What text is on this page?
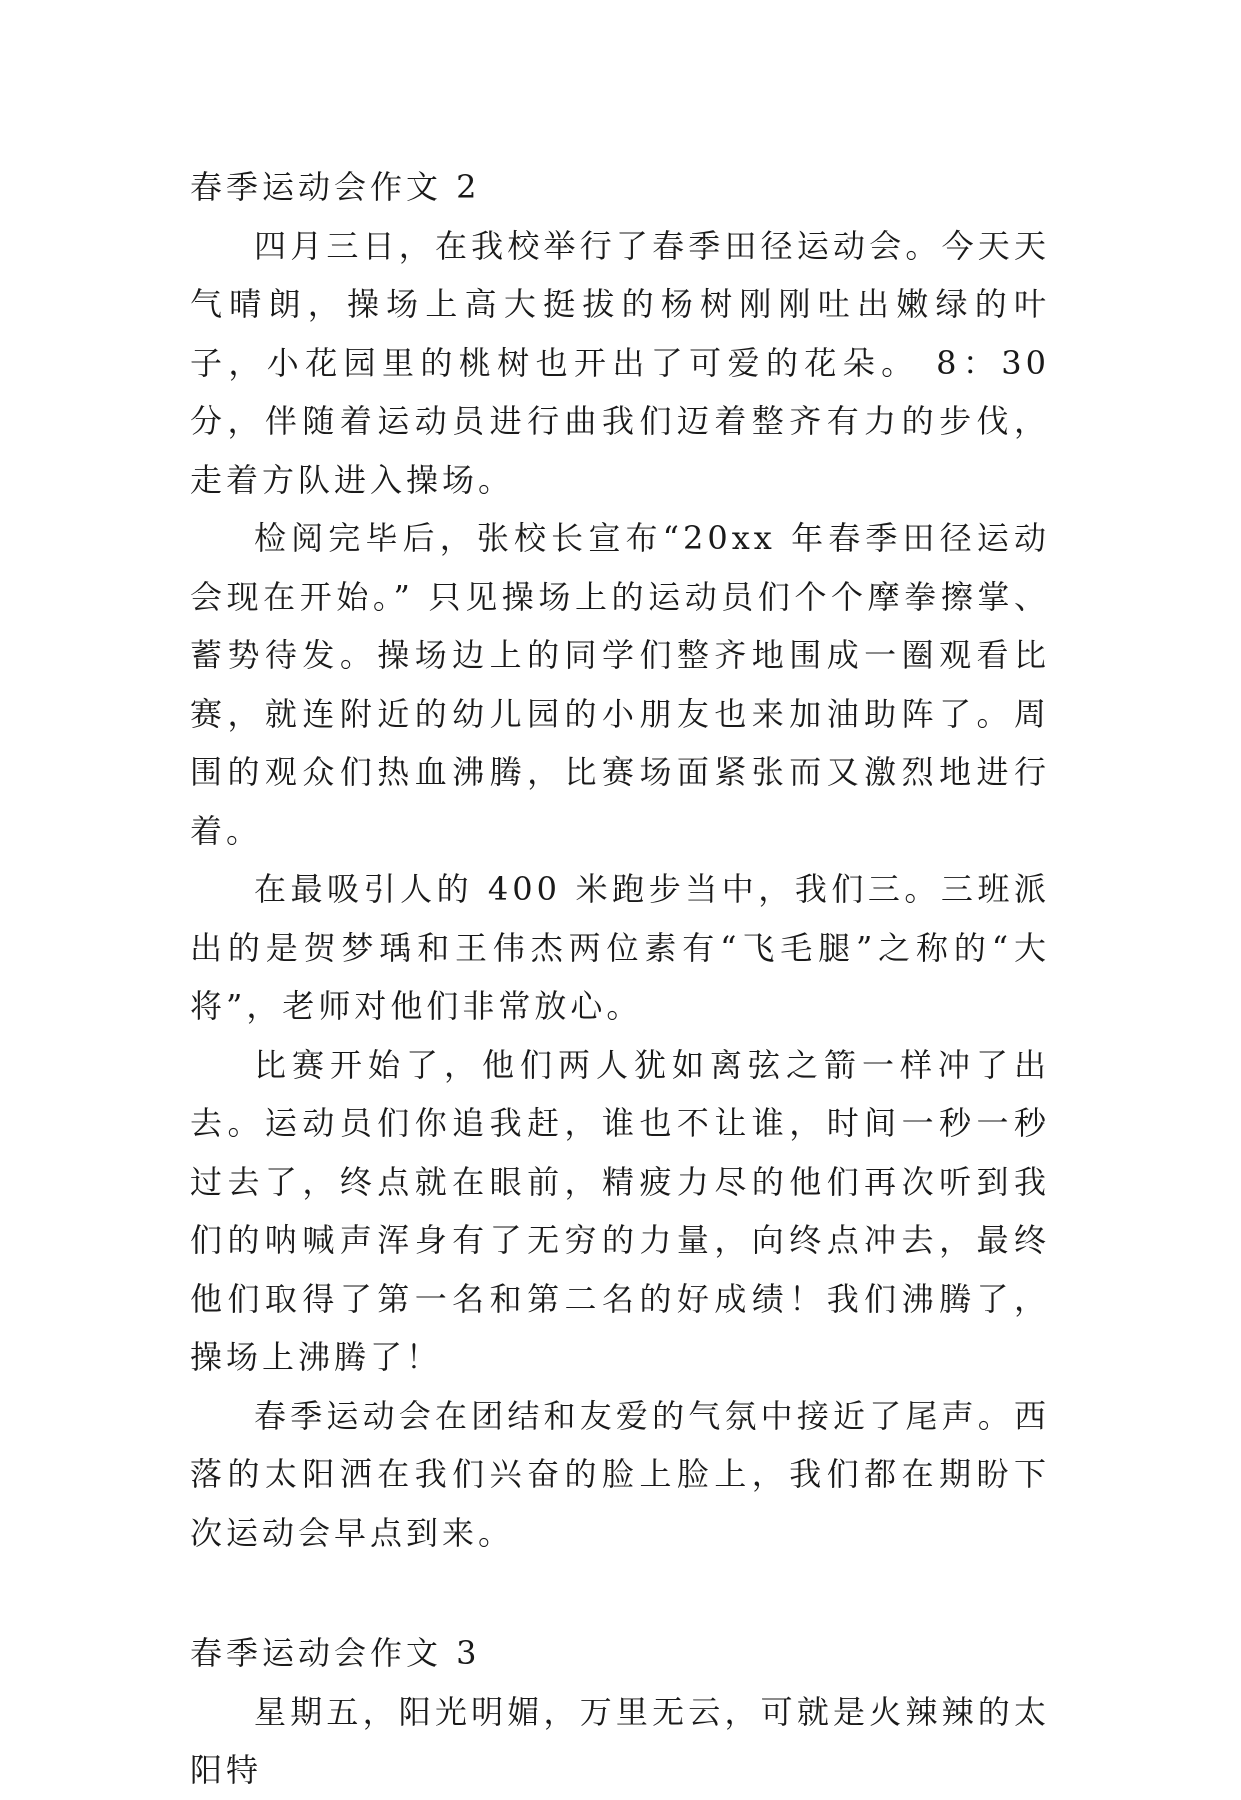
春季运动会作文 2

四月三日，在我校举行了春季田径运动会。今天天气晴朗，操场上高大挺拔的杨树刚刚吐出嫩绿的叶子，小花园里的桃树也开出了可爱的花朵。 8：30 分，伴随着运动员进行曲我们迈着整齐有力的步伐，走着方队进入操场。

检阅完毕后，张校长宣布“20xx 年春季田径运动会现在开始。” 只见操场上的运动员们个个摩拳擦掌、蓄势待发。操场边上的同学们整齐地围成一圈观看比赛，就连附近的幼儿园的小朋友也来加油助阵了。周围的观众们热血沸腾，比赛场面紧张而又激烈地进行着。

在最吸引人的 400 米跑步当中，我们三。三班派出的是贺梦瑀和王伟杰两位素有“飞毛腿”之称的“大将”，老师对他们非常放心。

比赛开始了，他们两人犹如离弦之箭一样冲了出去。运动员们你追我赶，谁也不让谁，时间一秒一秒过去了，终点就在眼前，精疲力尽的他们再次听到我们的呐喊声浑身有了无穷的力量，向终点冲去，最终他们取得了第一名和第二名的好成绩！我们沸腾了，操场上沸腾了！

春季运动会在团结和友爱的气氛中接近了尾声。西落的太阳洒在我们兴奋的脸上脸上，我们都在期盼下次运动会早点到来。

春季运动会作文 3

星期五，阳光明媚，万里无云，可就是火辣辣的太阳特
